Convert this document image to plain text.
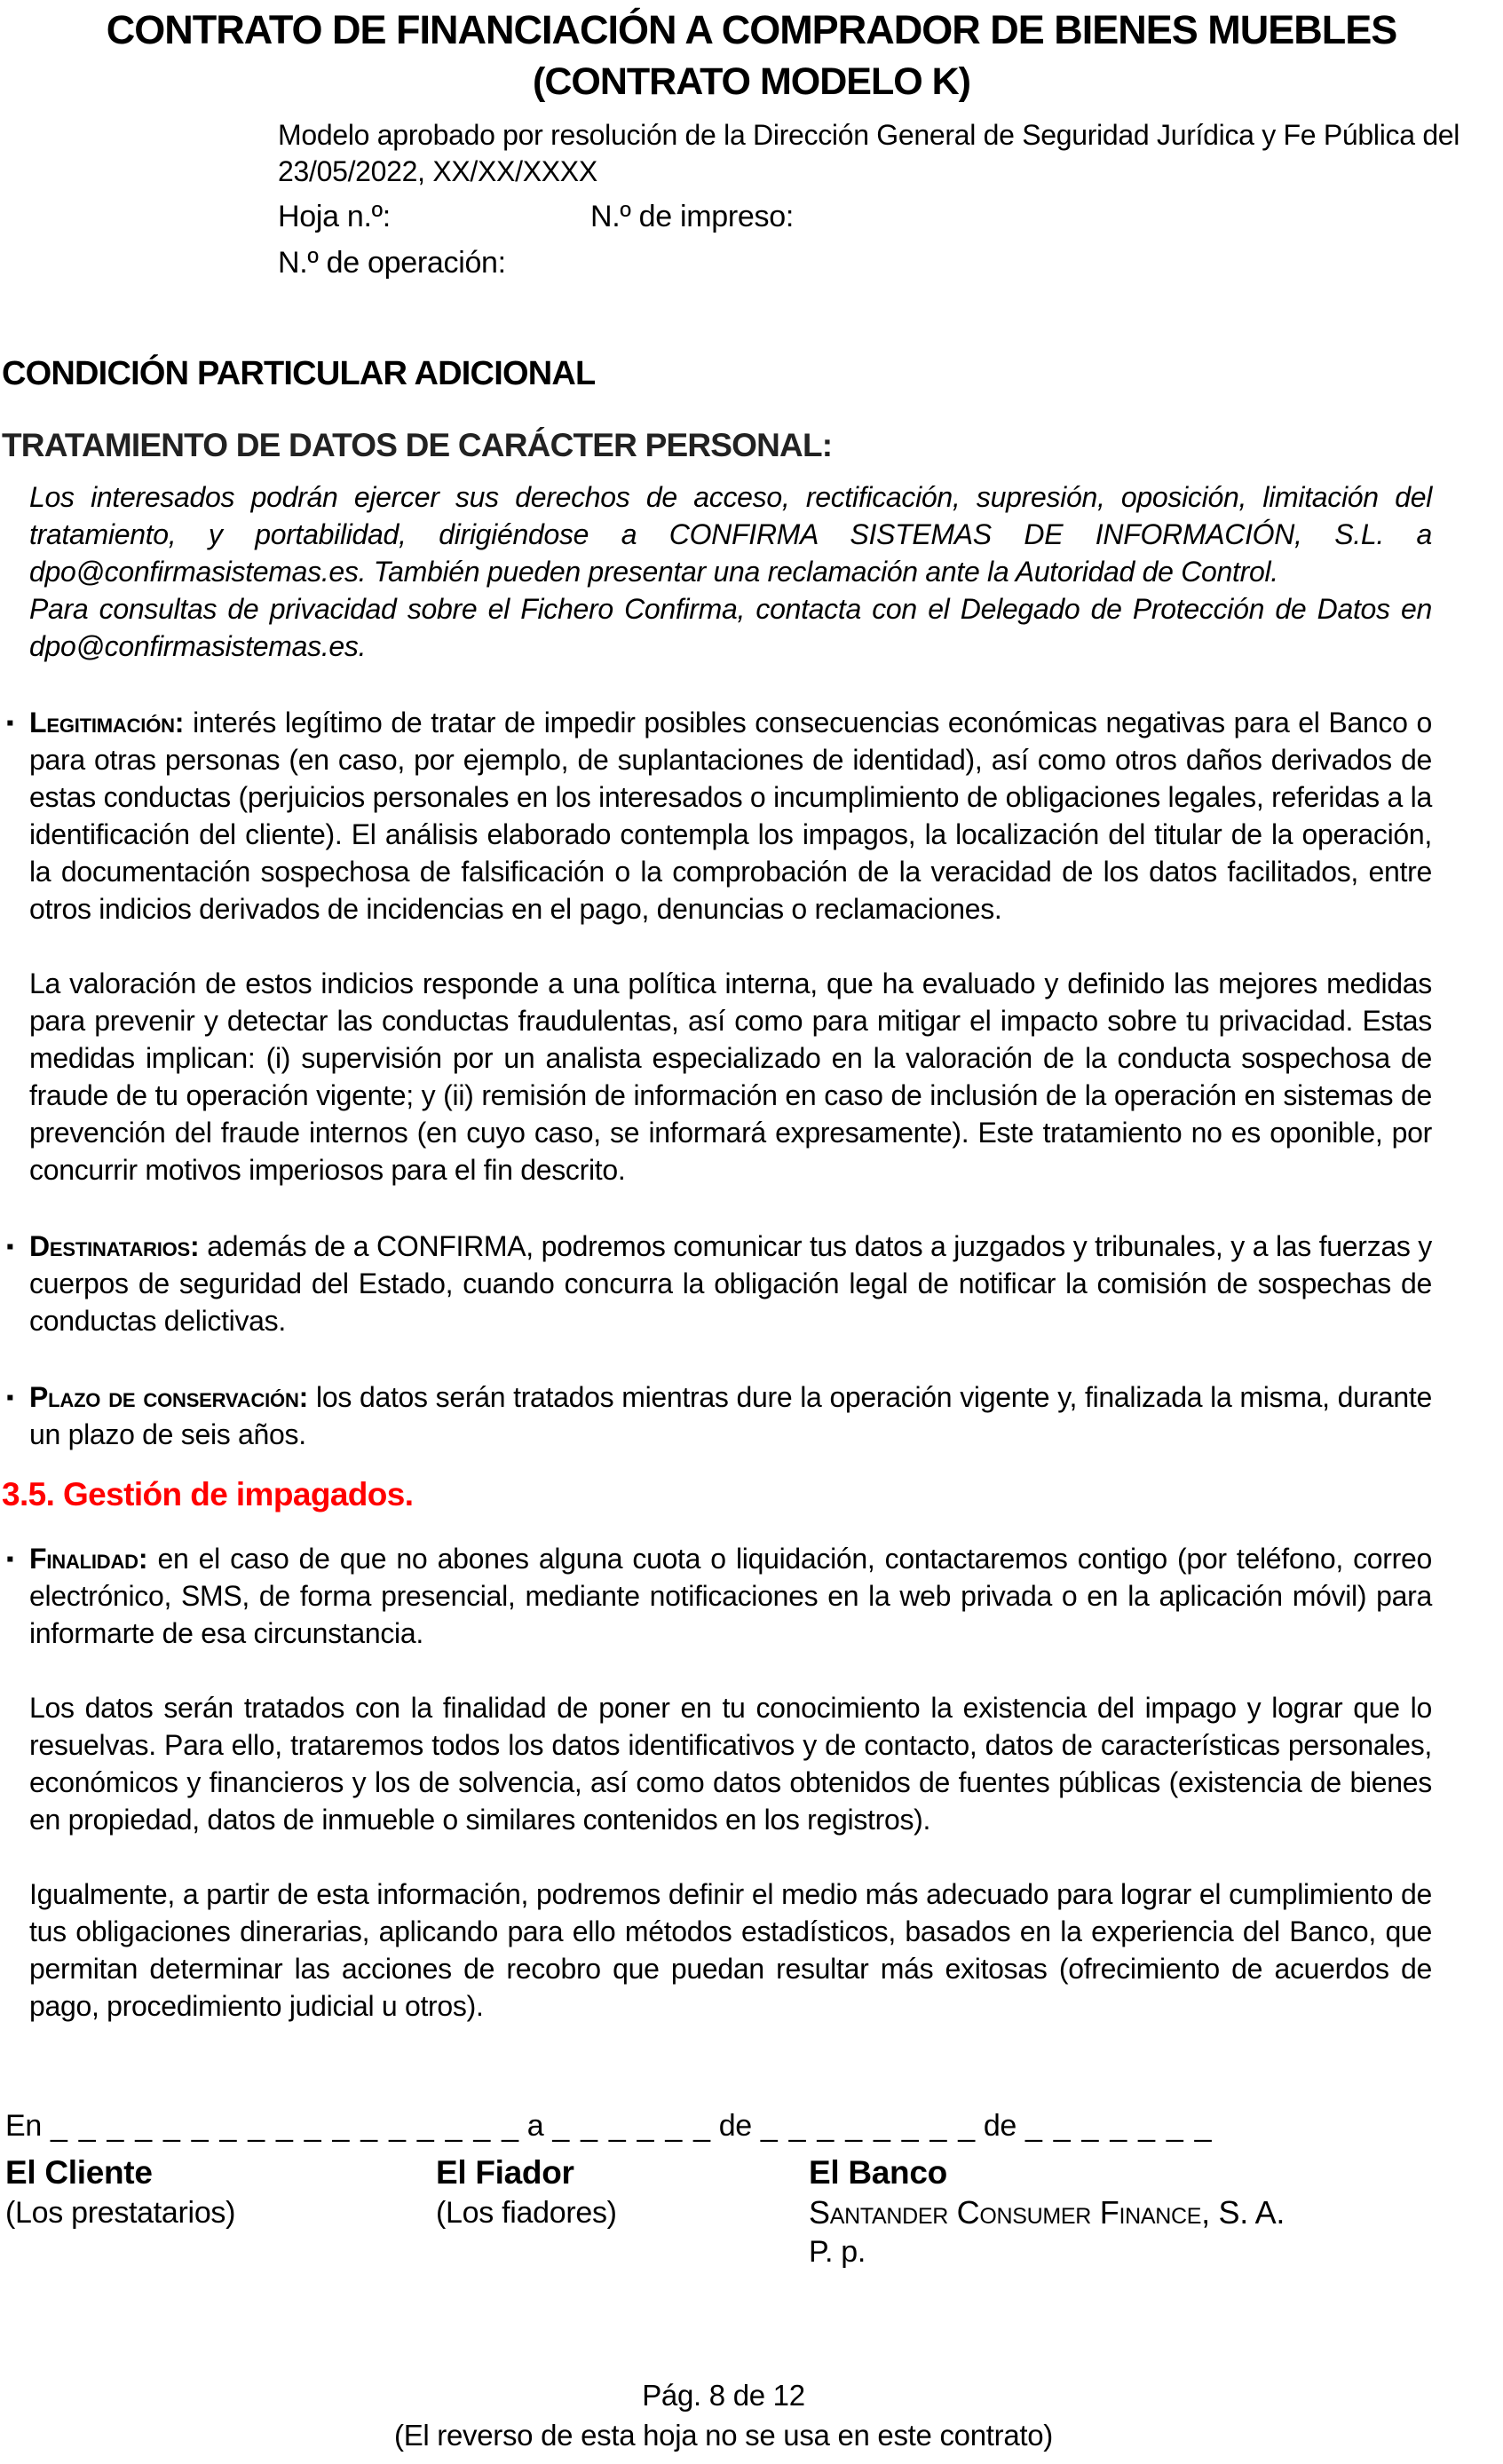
CONTRATO DE FINANCIACIÓN A COMPRADOR DE BIENES MUEBLES
(CONTRATO MODELO K)
Modelo aprobado por resolución de la Dirección General de Seguridad Jurídica y Fe Pública del
23/05/2022, XX/XX/XXXX
Hoja n.º:	N.º de impreso:
N.º de operación:
CONDICIÓN PARTICULAR ADICIONAL
TRATAMIENTO DE DATOS DE CARÁCTER PERSONAL:

Los interesados podrán ejercer sus derechos de acceso, rectificación, supresión, oposición, limitación del tratamiento, y portabilidad, dirigiéndose a CONFIRMA SISTEMAS DE INFORMACIÓN, S.L. a dpo@confirmasistemas.es. También pueden presentar una reclamación ante la Autoridad de Control.

Para consultas de privacidad sobre el Fichero Confirma, contacta con el Delegado de Protección de Datos en dpo@confirmasistemas.es.

▪ Legitimación: interés legítimo de tratar de impedir posibles consecuencias económicas negativas para el Banco o para otras personas (en caso, por ejemplo, de suplantaciones de identidad), así como otros daños derivados de estas conductas (perjuicios personales en los interesados o incumplimiento de obligaciones legales, referidas a la identificación del cliente). El análisis elaborado contempla los impagos, la localización del titular de la operación, la documentación sospechosa de falsificación o la comprobación de la veracidad de los datos facilitados, entre otros indicios derivados de incidencias en el pago, denuncias o reclamaciones.

La valoración de estos indicios responde a una política interna, que ha evaluado y definido las mejores medidas para prevenir y detectar las conductas fraudulentas, así como para mitigar el impacto sobre tu privacidad. Estas medidas implican: (i) supervisión por un analista especializado en la valoración de la conducta sospechosa de fraude de tu operación vigente; y (ii) remisión de información en caso de inclusión de la operación en sistemas de prevención del fraude internos (en cuyo caso, se informará expresamente). Este tratamiento no es oponible, por concurrir motivos imperiosos para el fin descrito.

▪ Destinatarios: además de a CONFIRMA, podremos comunicar tus datos a juzgados y tribunales, y a las fuerzas y cuerpos de seguridad del Estado, cuando concurra la obligación legal de notificar la comisión de sospechas de conductas delictivas.

▪ Plazo de conservación: los datos serán tratados mientras dure la operación vigente y, finalizada la misma, durante un plazo de seis años.

3.5. Gestión de impagados.

▪ Finalidad: en el caso de que no abones alguna cuota o liquidación, contactaremos contigo (por teléfono, correo electrónico, SMS, de forma presencial, mediante notificaciones en la web privada o en la aplicación móvil) para informarte de esa circunstancia.

Los datos serán tratados con la finalidad de poner en tu conocimiento la existencia del impago y lograr que lo resuelvas. Para ello, trataremos todos los datos identificativos y de contacto, datos de características personales, económicos y financieros y los de solvencia, así como datos obtenidos de fuentes públicas (existencia de bienes en propiedad, datos de inmueble o similares contenidos en los registros).

Igualmente, a partir de esta información, podremos definir el medio más adecuado para lograr el cumplimiento de tus obligaciones dinerarias, aplicando para ello métodos estadísticos, basados en la experiencia del Banco, que permitan determinar las acciones de recobro que puedan resultar más exitosas (ofrecimiento de acuerdos de pago, procedimiento judicial u otros).

En _ _ _ _ _ _ _ _ _ _ _ _ _ _ _ _ _ a _ _ _ _ _ _ de _ _ _ _ _ _ _ _ de _ _ _ _ _ _ _
El Cliente
(Los prestatarios)
El Fiador
(Los fiadores)
El Banco
Santander Consumer Finance, S. A.
P. p.
Pág. 8 de 12
(El reverso de esta hoja no se usa en este contrato)
